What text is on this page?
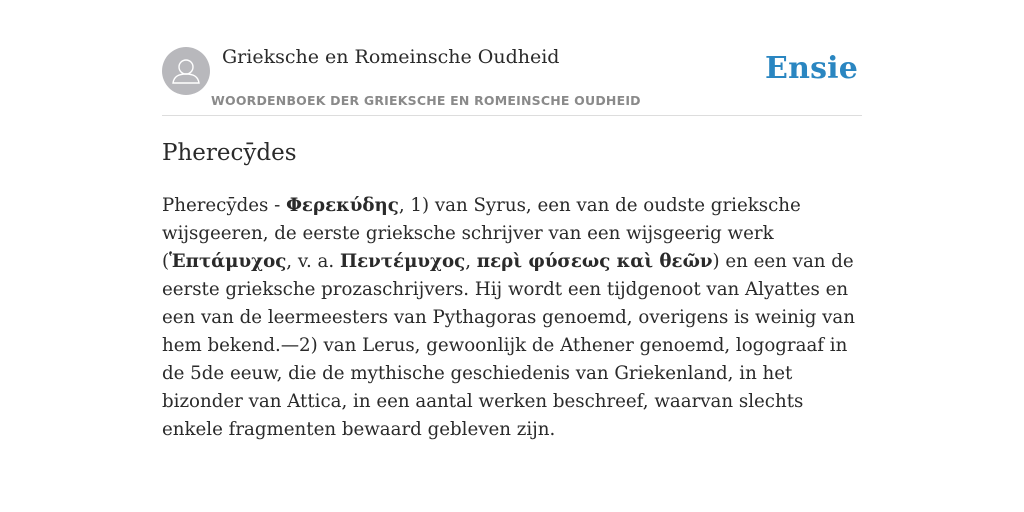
Grieksche en Romeinsche Oudheid
WOORDENBOEK DER GRIEKSCHE EN ROMEINSCHE OUDHEID
Ensie
Pherecȳdes

Pherecȳdes - Φερεκύδης, 1) van Syrus, een van de oudste grieksche wijsgeeren, de eerste grieksche schrijver van een wijsgeerig werk (Ἑπτάμυχος, v. a. Πεντέμυχος, περὶ φύσεως καὶ θεῶν) en een van de eerste grieksche prozaschrijvers. Hij wordt een tijdgenoot van Alyattes en een van de leermeesters van Pythagoras genoemd, overigens is weinig van hem bekend.—2) van Lerus, gewoonlijk de Athener genoemd, logograaf in de 5de eeuw, die de mythische geschiedenis van Griekenland, in het bizonder van Attica, in een aantal werken beschreef, waarvan slechts enkele fragmenten bewaard gebleven zijn.
